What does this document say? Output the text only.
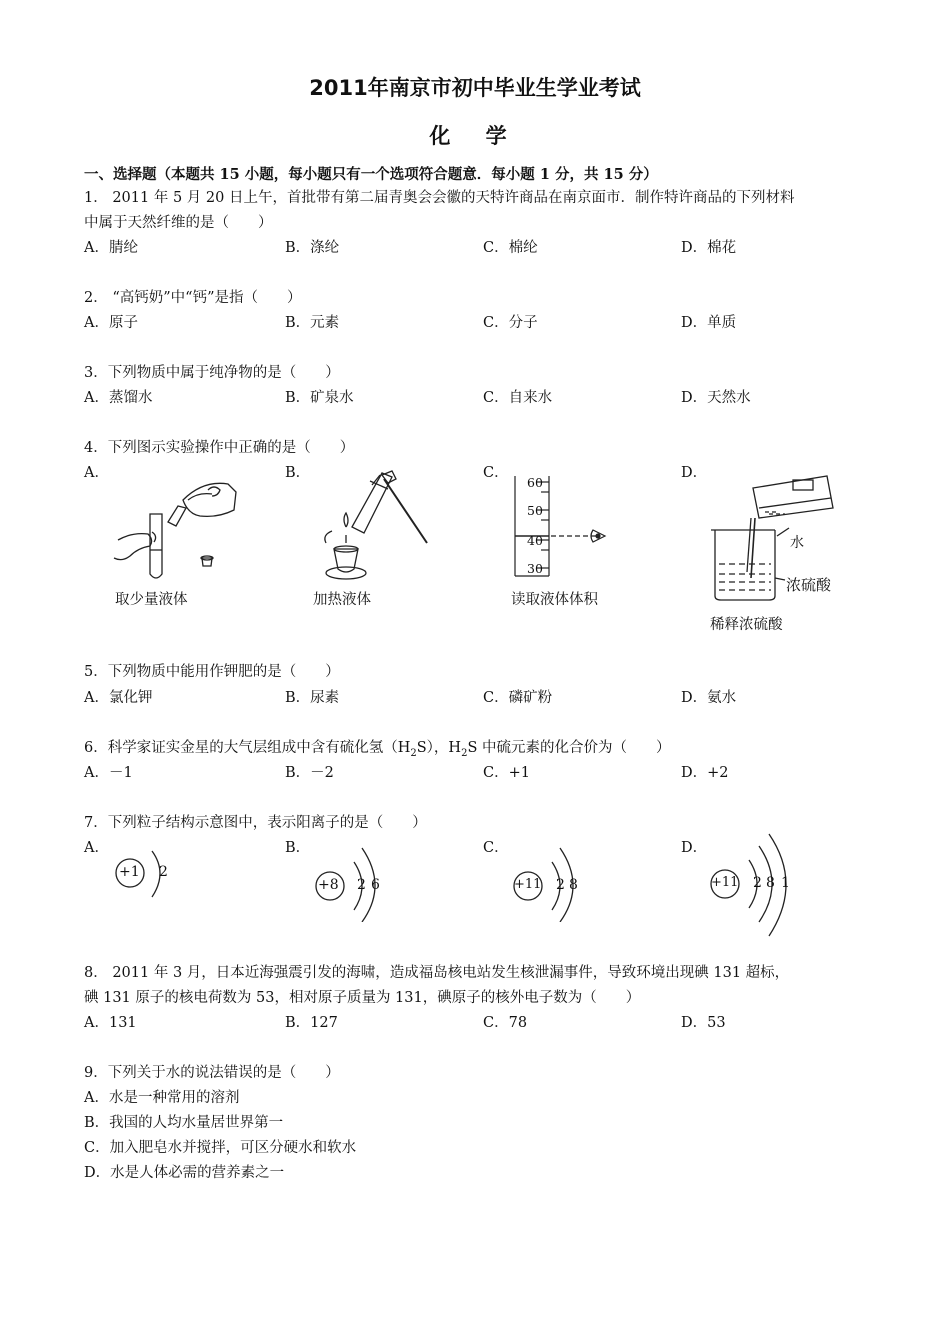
2011年南京市初中毕业生学业考试
化 学
一、选择题（本题共 15 小题，每小题只有一个选项符合题意．每小题 1 分，共 15 分）
1． 2011 年 5 月 20 日上午，首批带有第二届青奥会会徽的天特许商品在南京面市．制作特许商品的下列材料
中属于天然纤维的是（　　）
A．腈纶	B．涤纶	C．棉纶	D．棉花
2． “高钙奶”中“钙”是指（　　）
A．原子	B．元素	C．分子	D．单质
3．下列物质中属于纯净物的是（　　）
A．蒸馏水	B．矿泉水	C．自来水	D．天然水
4．下列图示实验操作中正确的是（　　）
A．	B．	C．	D．
取少量液体	加热液体
60
50
40
30
读取液体体积
水
浓硫酸
稀释浓硫酸
5．下列物质中能用作钾肥的是（　　）
A．氯化钾	B．尿素	C．磷矿粉	D．氨水
6．科学家证实金星的大气层组成中含有硫化氢$(H_2S)$，$H_2S$ 中硫元素的化合价为（　　）
A．－1	B．－2	C．+1	D．+2
7．下列粒子结构示意图中，表示阳离子的是（　　）
A．	B．	C．	D．
+1 2
+8 2 6	+11 2 8	+11 2 8 1
8． 2011 年 3 月，日本近海强震引发的海啸，造成福岛核电站发生核泄漏事件，导致环境出现碘 131 超标，
碘 131 原子的核电荷数为 53，相对原子质量为 131，碘原子的核外电子数为（　　）
A．131	B．127	C．78	D．53
9．下列关于水的说法错误的是（　　）
A．水是一种常用的溶剂
B．我国的人均水量居世界第一
C．加入肥皂水并搅拌，可区分硬水和软水
D．水是人体必需的营养素之一
